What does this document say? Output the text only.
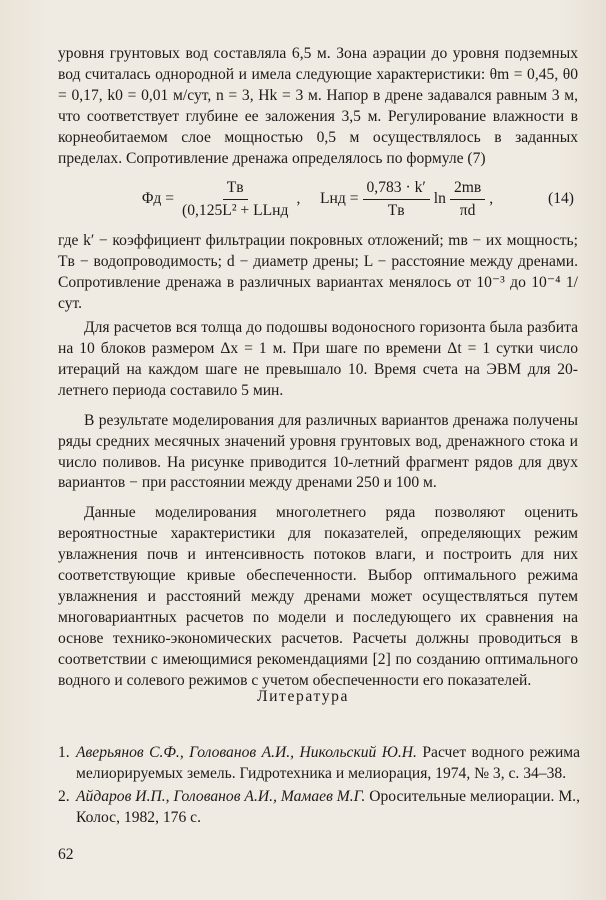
уровня грунтовых вод составляла 6,5 м. Зона аэрации до уровня подземных вод считалась однородной и имела следующие характеристики: θm = 0,45, θ0 = 0,17, k0 = 0,01 м/сут, n = 3, Hk = 3 м. Напор в дрене задавался равным 3 м, что соответствует глубине ее заложения 3,5 м. Регулирование влажности в корнеобитаемом слое мощностью 0,5 м осуществлялось в заданных пределах. Сопротивление дренажа определялось по формуле (7)

$\Phi д = \frac{Tв}{\text{(0,125L² + LLнд}}$ , Lнд = $\frac{0,783 \cdot k'}{Tв}$ $\ln \frac{2mв}{\pi d}$ ,	(14)

где k′ − коэффициент фильтрации покровных отложений; mв − их мощность; Tв − водопроводимость; d − диаметр дрены; L − расстояние между дренами. Сопротивление дренажа в различных вариантах менялось от 10⁻³ до 10⁻⁴ 1/сут.

Для расчетов вся толща до подошвы водоносного горизонта была разбита на 10 блоков размером Δx = 1 м. При шаге по времени Δt = 1 сутки число итераций на каждом шаге не превышало 10. Время счета на ЭВМ для 20-летнего периода составило 5 мин.

В результате моделирования для различных вариантов дренажа получены ряды средних месячных значений уровня грунтовых вод, дренажного стока и число поливов. На рисунке приводится 10-летний фрагмент рядов для двух вариантов − при расстоянии между дренами 250 и 100 м.

Данные моделирования многолетнего ряда позволяют оценить вероятностные характеристики для показателей, определяющих режим увлажнения почв и интенсивность потоков влаги, и построить для них соответствующие кривые обеспеченности. Выбор оптимального режима увлажнения и расстояний между дренами может осуществляться путем многовариантных расчетов по модели и последующего их сравнения на основе технико-экономических расчетов. Расчеты должны проводиться в соответствии с имеющимися рекомендациями [2] по созданию оптимального водного и солевого режимов с учетом обеспеченности его показателей.

Литература
1. Аверьянов С.Ф., Голованов А.И., Никольский Ю.Н. Расчет водного режима мелиорируемых земель. Гидротехника и мелиорация, 1974, № 3, с. 34–38.
2. Айдаров И.П., Голованов А.И., Мамаев М.Г. Оросительные мелиорации. М., Колос, 1982, 176 с.
62
